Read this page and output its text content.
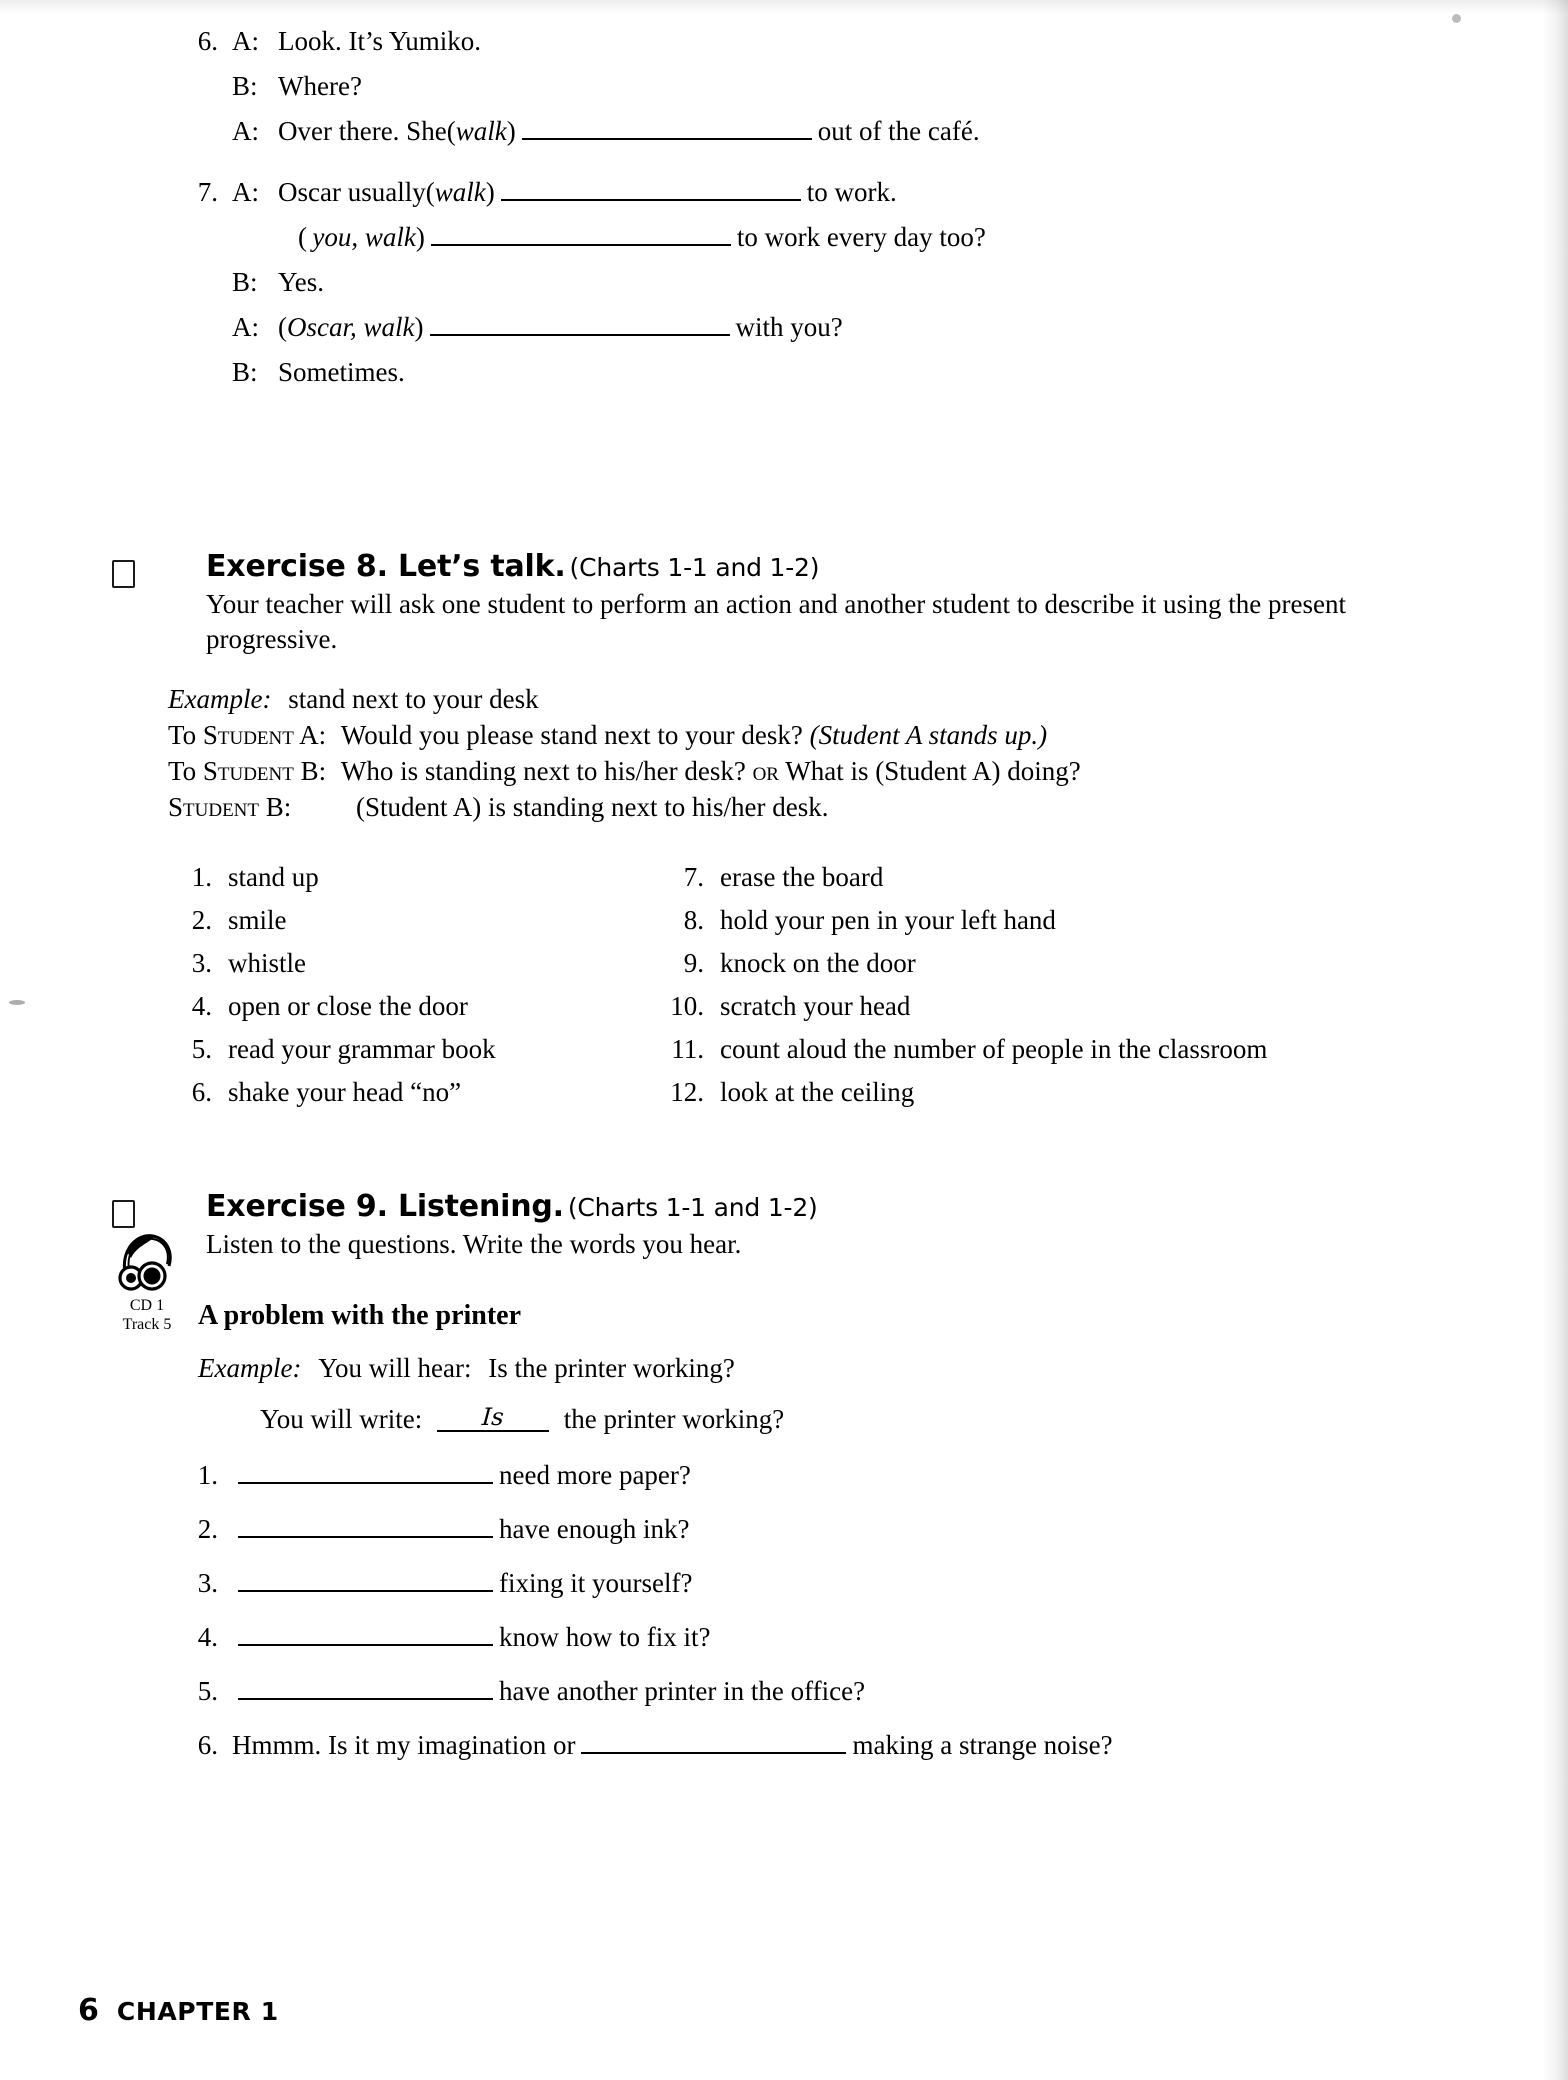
6. A: Look. It’s Yumiko.
B: Where?
A: Over there. She (walk)	out of the café.
7. A: Oscar usually (walk)	to work.
( you, walk)	to work every day too?
B: Yes.
A: (Oscar, walk)	with you?
B: Sometimes.
Exercise 8. Let’s talk. (Charts 1-1 and 1-2)
Your teacher will ask one student to perform an action and another student to describe it using the present progressive.
Example: stand next to your desk
To Student A: Would you please stand next to your desk? (Student A stands up.)
To Student B: Who is standing next to his/her desk? or What is (Student A) doing?
Student B: (Student A) is standing next to his/her desk.
1. stand up
2. smile
3. whistle
4. open or close the door
5. read your grammar book
6. shake your head “no”
7. erase the board
8. hold your pen in your left hand
9. knock on the door
10. scratch your head
11. count aloud the number of people in the classroom
12. look at the ceiling
Exercise 9. Listening. (Charts 1-1 and 1-2)
Listen to the questions. Write the words you hear.
CD 1
Track 5 A problem with the printer
Example: You will hear: Is the printer working?
You will write: Is the printer working?
1.	need more paper?
2.	have enough ink?
3.	fixing it yourself?
4.	know how to fix it?
5.	have another printer in the office?
6. Hmmm. Is it my imagination or	making a strange noise?
6 CHAPTER 1
